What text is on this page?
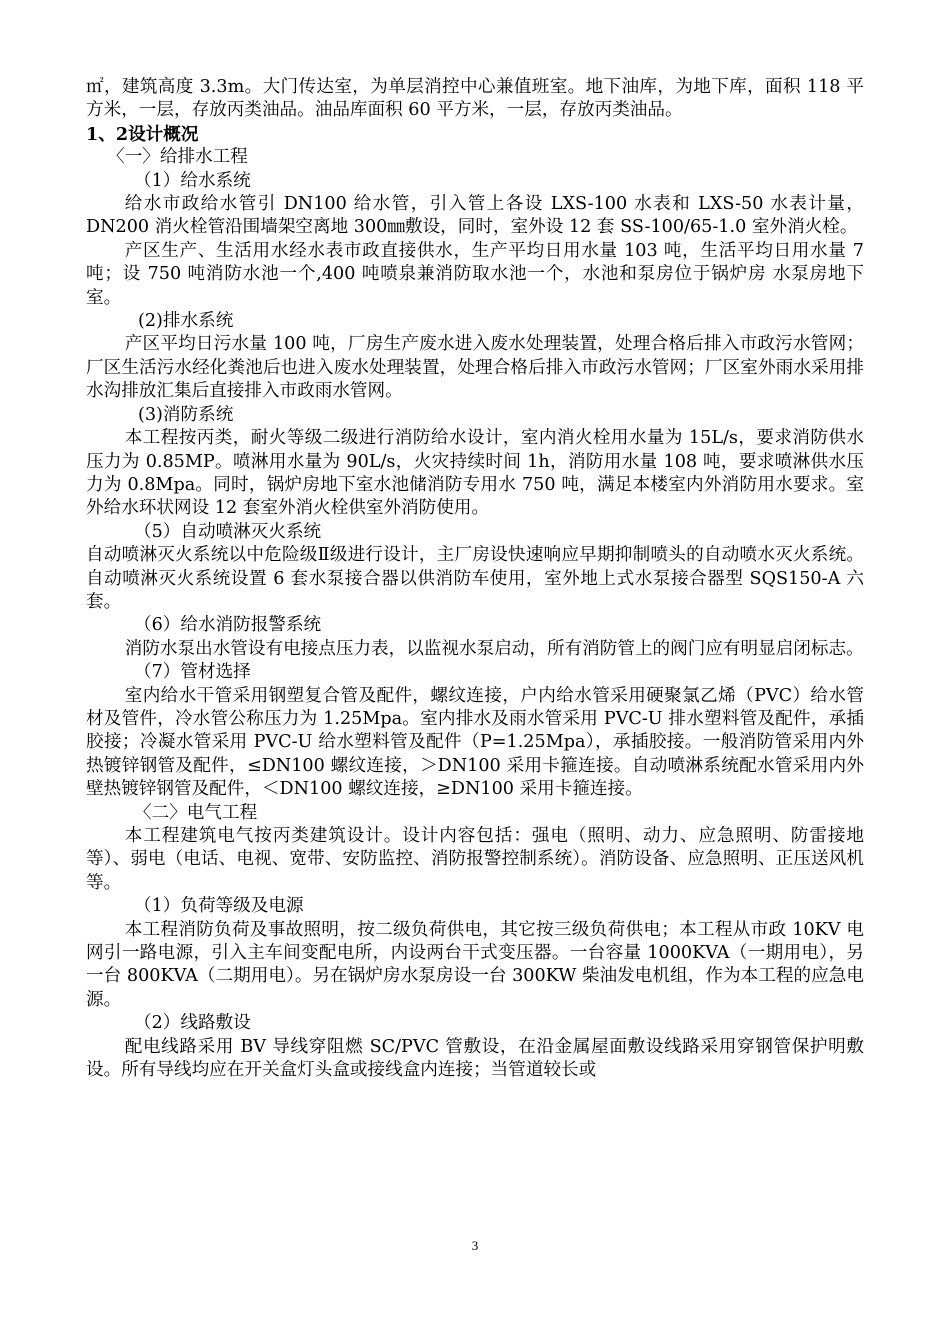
㎡，建筑高度 3.3m。大门传达室，为单层消控中心兼值班室。地下油库，为地下库，面积 118 平方米，一层，存放丙类油品。油品库面积 60 平方米，一层，存放丙类油品。

1、2设计概况

〈一〉给排水工程

（1）给水系统

给水市政给水管引 DN100 给水管，引入管上各设 LXS-100 水表和 LXS-50 水表计量， DN200 消火栓管沿围墙架空离地 300㎜敷设，同时，室外设 12 套 SS-100/65-1.0 室外消火栓。

产区生产、生活用水经水表市政直接供水，生产平均日用水量 103 吨，生活平均日用水量 7 吨；设 750 吨消防水池一个,400 吨喷泉兼消防取水池一个，水池和泵房位于锅炉房 水泵房地下室。

(2)排水系统

产区平均日污水量 100 吨，厂房生产废水进入废水处理装置，处理合格后排入市政污水管网；厂区生活污水经化粪池后也进入废水处理装置，处理合格后排入市政污水管网；厂区室外雨水采用排水沟排放汇集后直接排入市政雨水管网。

(3)消防系统

本工程按丙类，耐火等级二级进行消防给水设计，室内消火栓用水量为 15L/s，要求消防供水压力为 0.85MP。喷淋用水量为 90L/s，火灾持续时间 1h，消防用水量 108 吨，要求喷淋供水压力为 0.8Mpa。同时，锅炉房地下室水池储消防专用水 750 吨，满足本楼室内外消防用水要求。室外给水环状网设 12 套室外消火栓供室外消防使用。

（5）自动喷淋灭火系统

自动喷淋灭火系统以中危险级Ⅱ级进行设计，主厂房设快速响应早期抑制喷头的自动喷水灭火系统。自动喷淋灭火系统设置 6 套水泵接合器以供消防车使用，室外地上式水泵接合器型 SQS150-A 六套。

（6）给水消防报警系统

消防水泵出水管设有电接点压力表，以监视水泵启动，所有消防管上的阀门应有明显启闭标志。

（7）管材选择

室内给水干管采用钢塑复合管及配件，螺纹连接，户内给水管采用硬聚氯乙烯（PVC）给水管材及管件，冷水管公称压力为 1.25Mpa。室内排水及雨水管采用 PVC-U 排水塑料管及配件，承插胶接；冷凝水管采用 PVC-U 给水塑料管及配件（P=1.25Mpa），承插胶接。一般消防管采用内外热镀锌钢管及配件，≤DN100 螺纹连接，＞DN100 采用卡箍连接。自动喷淋系统配水管采用内外壁热镀锌钢管及配件，＜DN100 螺纹连接，≥DN100 采用卡箍连接。

〈二〉电气工程

本工程建筑电气按丙类建筑设计。设计内容包括：强电（照明、动力、应急照明、防雷接地等）、弱电（电话、电视、宽带、安防监控、消防报警控制系统）。消防设备、应急照明、正压送风机等。

（1）负荷等级及电源

本工程消防负荷及事故照明，按二级负荷供电，其它按三级负荷供电；本工程从市政 10KV 电网引一路电源，引入主车间变配电所，内设两台干式变压器。一台容量 1000KVA（一期用电），另一台 800KVA（二期用电）。另在锅炉房水泵房设一台 300KW 柴油发电机组，作为本工程的应急电源。

（2）线路敷设

配电线路采用 BV 导线穿阻燃 SC/PVC 管敷设，在沿金属屋面敷设线路采用穿钢管保护明敷设。所有导线均应在开关盒灯头盒或接线盒内连接；当管道较长或

3
